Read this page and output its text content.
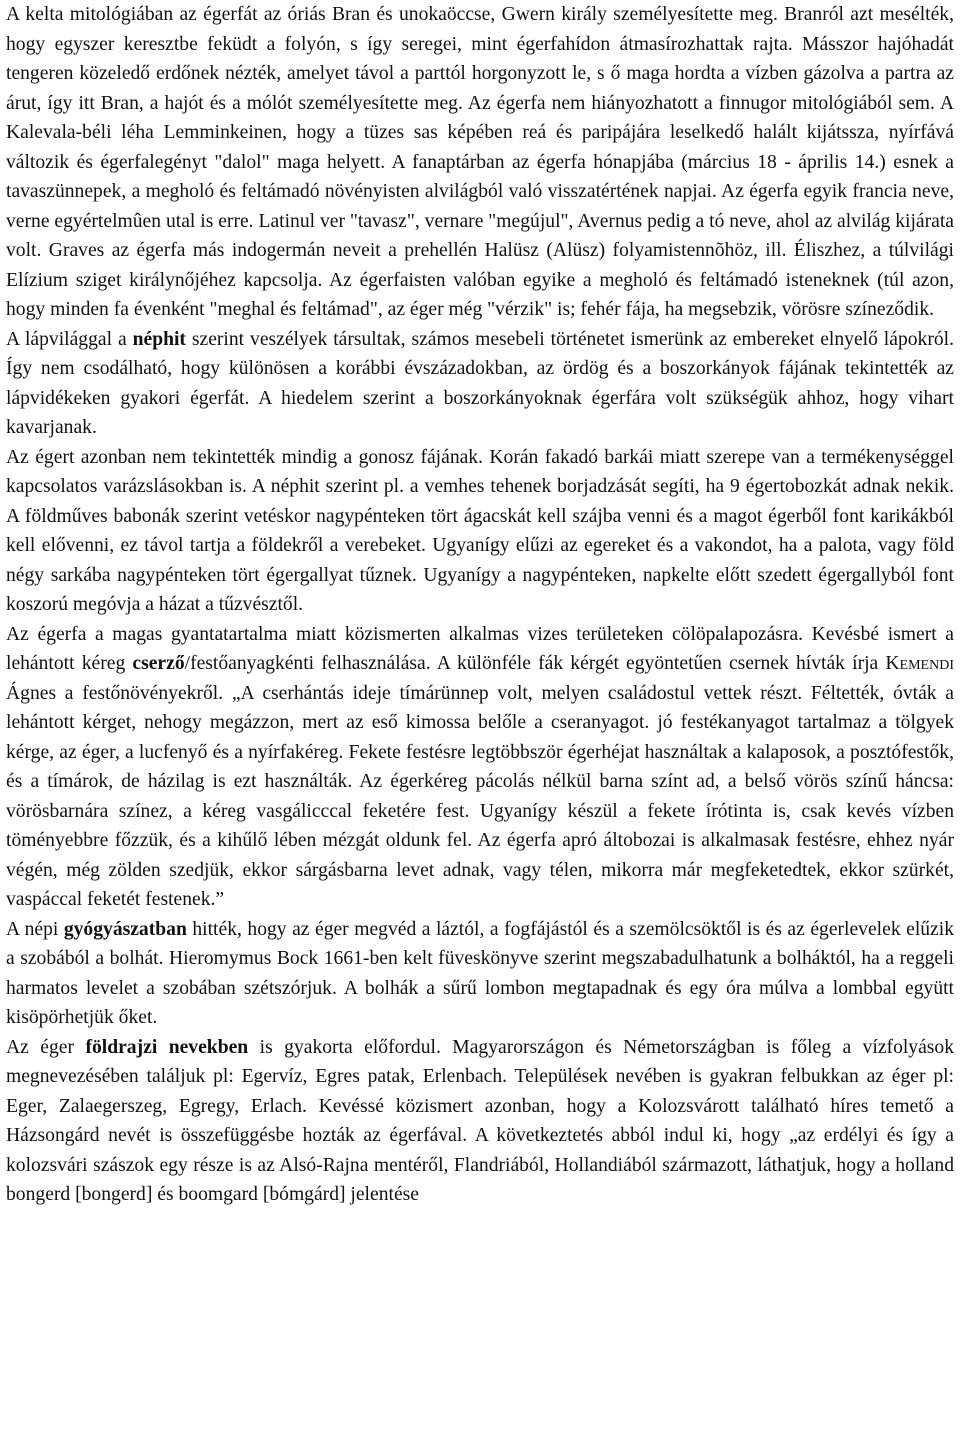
A kelta mitológiában az égerfát az óriás Bran és unokaöccse, Gwern király személyesítette meg. Branról azt mesélték, hogy egyszer keresztbe feküdt a folyón, s így seregei, mint égerfahídon átmasírozhattak rajta. Másszor hajóhadát tengeren közeledő erdőnek nézték, amelyet távol a parttól horgonyzott le, s ő maga hordta a vízben gázolva a partra az árut, így itt Bran, a hajót és a mólót személyesítette meg. Az égerfa nem hiányozhatott a finnugor mitológiából sem. A Kalevala-béli léha Lemminkeinen, hogy a tüzes sas képében reá és paripájára leselkedő halált kijátssza, nyírfává változik és égerfalegényt "dalol" maga helyett. A fanaptárban az égerfa hónapjába (március 18 - április 14.) esnek a tavaszünnepek, a megholó és feltámadó növényisten alvilágból való visszatértének napjai. Az égerfa egyik francia neve, verne egyértelmûen utal is erre. Latinul ver "tavasz", vernare "megújul", Avernus pedig a tó neve, ahol az alvilág kijárata volt. Graves az égerfa más indogermán neveit a prehellén Halüsz (Alüsz) folyamistennõhöz, ill. Éliszhez, a túlvilági Elízium sziget királynőjéhez kapcsolja. Az égerfaisten valóban egyike a megholó és feltámadó isteneknek (túl azon, hogy minden fa évenként "meghal és feltámad", az éger még "vérzik" is; fehér fája, ha megsebzik, vörösre színeződik.

A lápvilággal a néphit szerint veszélyek társultak, számos mesebeli történetet ismerünk az embereket elnyelő lápokról. Így nem csodálható, hogy különösen a korábbi évszázadokban, az ördög és a boszorkányok fájának tekintették az lápvidékeken gyakori égerfát. A hiedelem szerint a boszorkányoknak égerfára volt szükségük ahhoz, hogy vihart kavarjanak.

Az égert azonban nem tekintették mindig a gonosz fájának. Korán fakadó barkái miatt szerepe van a termékenységgel kapcsolatos varázslásokban is. A néphit szerint pl. a vemhes tehenek borjadzását segíti, ha 9 égertobozkát adnak nekik. A földműves babonák szerint vetéskor nagypénteken tört ágacskát kell szájba venni és a magot égerből font karikákból kell elővenni, ez távol tartja a földekről a verebeket. Ugyanígy elűzi az egereket és a vakondot, ha a palota, vagy föld négy sarkába nagypénteken tört égergallyat tűznek. Ugyanígy a nagypénteken, napkelte előtt szedett égergallyból font koszorú megóvja a házat a tűzvésztől.

Az égerfa a magas gyantatartalma miatt közismerten alkalmas vizes területeken cölöpalapozásra. Kevésbé ismert a lehántott kéreg cserző/festőanyagkénti felhasználása. A különféle fák kérgét egyöntetűen csernek hívták írja Kemendi Ágnes a festőnövényekről. „A cserhántás ideje tímárünnep volt, melyen családostul vettek részt. Féltették, óvták a lehántott kérget, nehogy megázzon, mert az eső kimossa belőle a cseranyagot. jó festékanyagot tartalmaz a tölgyek kérge, az éger, a lucfenyő és a nyírfakéreg. Fekete festésre legtöbbször égerhéjat használtak a kalaposok, a posztófestők, és a tímárok, de házilag is ezt használták. Az égerkéreg pácolás nélkül barna színt ad, a belső vörös színű háncsa: vörösbarnára színez, a kéreg vasgálicccal feketére fest. Ugyanígy készül a fekete írótinta is, csak kevés vízben töményebbre főzzük, és a kihűlő lében mézgát oldunk fel. Az égerfa apró áltobozai is alkalmasak festésre, ehhez nyár végén, még zölden szedjük, ekkor sárgásbarna levet adnak, vagy télen, mikorra már megfeketedtek, ekkor szürkét, vaspáccal feketét festenek.”

A népi gyógyászatban hitték, hogy az éger megvéd a láztól, a fogfájástól és a szemölcsöktől is és az égerlevelek elűzik a szobából a bolhát. Hieromymus Bock 1661-ben kelt füveskönyve szerint megszabadulhatunk a bolháktól, ha a reggeli harmatos levelet a szobában szétszórjuk. A bolhák a sűrű lombon megtapadnak és egy óra múlva a lombbal együtt kisöpörhetjük őket.

Az éger földrajzi nevekben is gyakorta előfordul. Magyarországon és Németországban is főleg a vízfolyások megnevezésében találjuk pl: Egervíz, Egres patak, Erlenbach. Települések nevében is gyakran felbukkan az éger pl: Eger, Zalaegerszeg, Egregy, Erlach. Kevéssé közismert azonban, hogy a Kolozsvárott található híres temető a Házsongárd nevét is összefüggésbe hozták az égerfával. A következtetés abból indul ki, hogy „az erdélyi és így a kolozsvári szászok egy része is az Alsó-Rajna mentéről, Flandriából, Hollandiából származott, láthatjuk, hogy a holland bongerd [bongerd] és boomgard [bómgárd] jelentése
